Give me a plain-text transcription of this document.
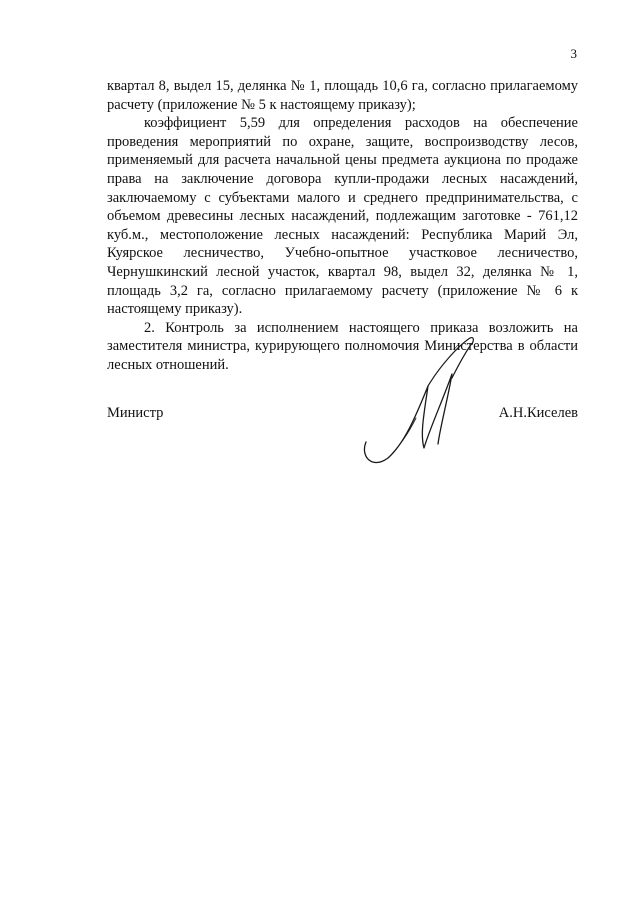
3

квартал 8, выдел 15, делянка № 1, площадь 10,6 га, согласно прилагаемому расчету (приложение № 5 к настоящему приказу);

коэффициент 5,59 для определения расходов на обеспечение проведения мероприятий по охране, защите, воспроизводству лесов, применяемый для расчета начальной цены предмета аукциона по продаже права на заключение договора купли-продажи лесных насаждений, заключаемому с субъектами малого и среднего предпринимательства, с объемом древесины лесных насаждений, подлежащим заготовке - 761,12 куб.м., местоположение лесных насаждений: Республика Марий Эл, Куярское лесничество, Учебно-опытное участковое лесничество, Чернушкинский лесной участок, квартал 98, выдел 32, делянка № 1, площадь 3,2 га, согласно прилагаемому расчету (приложение № 6 к настоящему приказу).

2. Контроль за исполнением настоящего приказа возложить на заместителя министра, курирующего полномочия Министерства в области лесных отношений.

Министр	А.Н.Киселев
